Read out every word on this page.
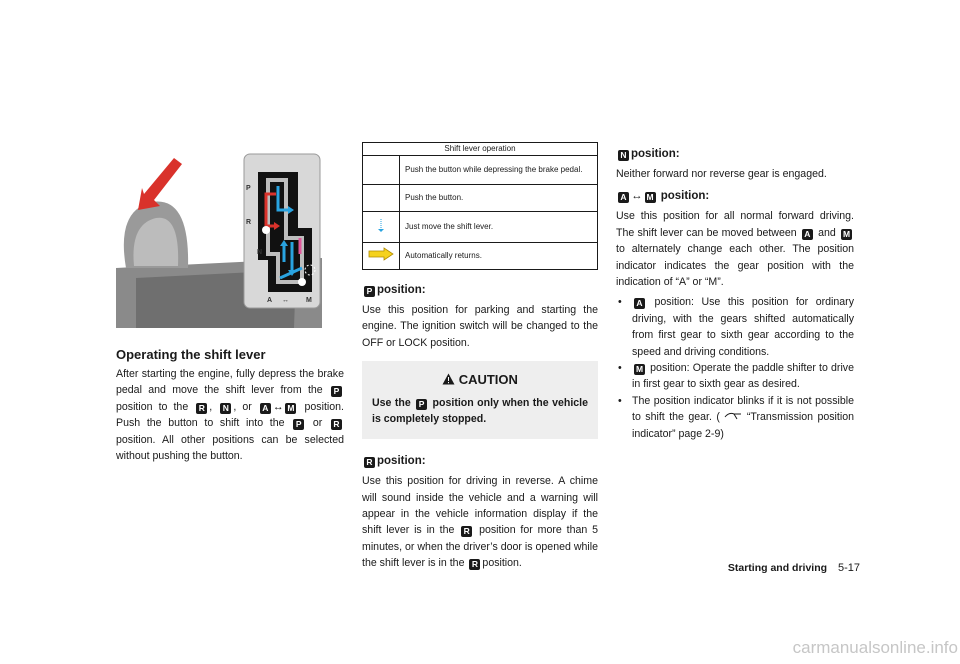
P
R
N
A ↔ M
Operating the shift lever

After starting the engine, fully depress the brake pedal and move the shift lever from the P position to the R , N , or A ↔ M position. Push the button to shift into the P or R position. All other positions can be selected without pushing the button.

Shift lever operation	
	Push the button while depressing the brake pedal.
	Push the button.
	Just move the shift lever.
	Automatically returns.
P position:

Use this position for parking and starting the engine. The ignition switch will be changed to the OFF or LOCK position.

CAUTION
Use the P position only when the vehicle is completely stopped.
R position:

Use this position for driving in reverse. A chime will sound inside the vehicle and a warning will appear in the vehicle information display if the shift lever is in the R position for more than 5 minutes, or when the driver’s door is opened while the shift lever is in the R position.

N position:

Neither forward nor reverse gear is engaged.

A ↔ M position:

Use this position for all normal forward driving. The shift lever can be moved between A and M to alternately change each other. The position indicator indicates the gear position with the indication of “A” or “M”.

• A position: Use this position for ordinary driving, with the gears shifted automatically from first gear to sixth gear according to the speed and driving conditions.
• M position: Operate the paddle shifter to drive in first gear to sixth gear as desired.
• The position indicator blinks if it is not possible to shift the gear. (	“Transmission position indicator” page 2-9)
Starting and driving 5-17
carmanualsonline.info
